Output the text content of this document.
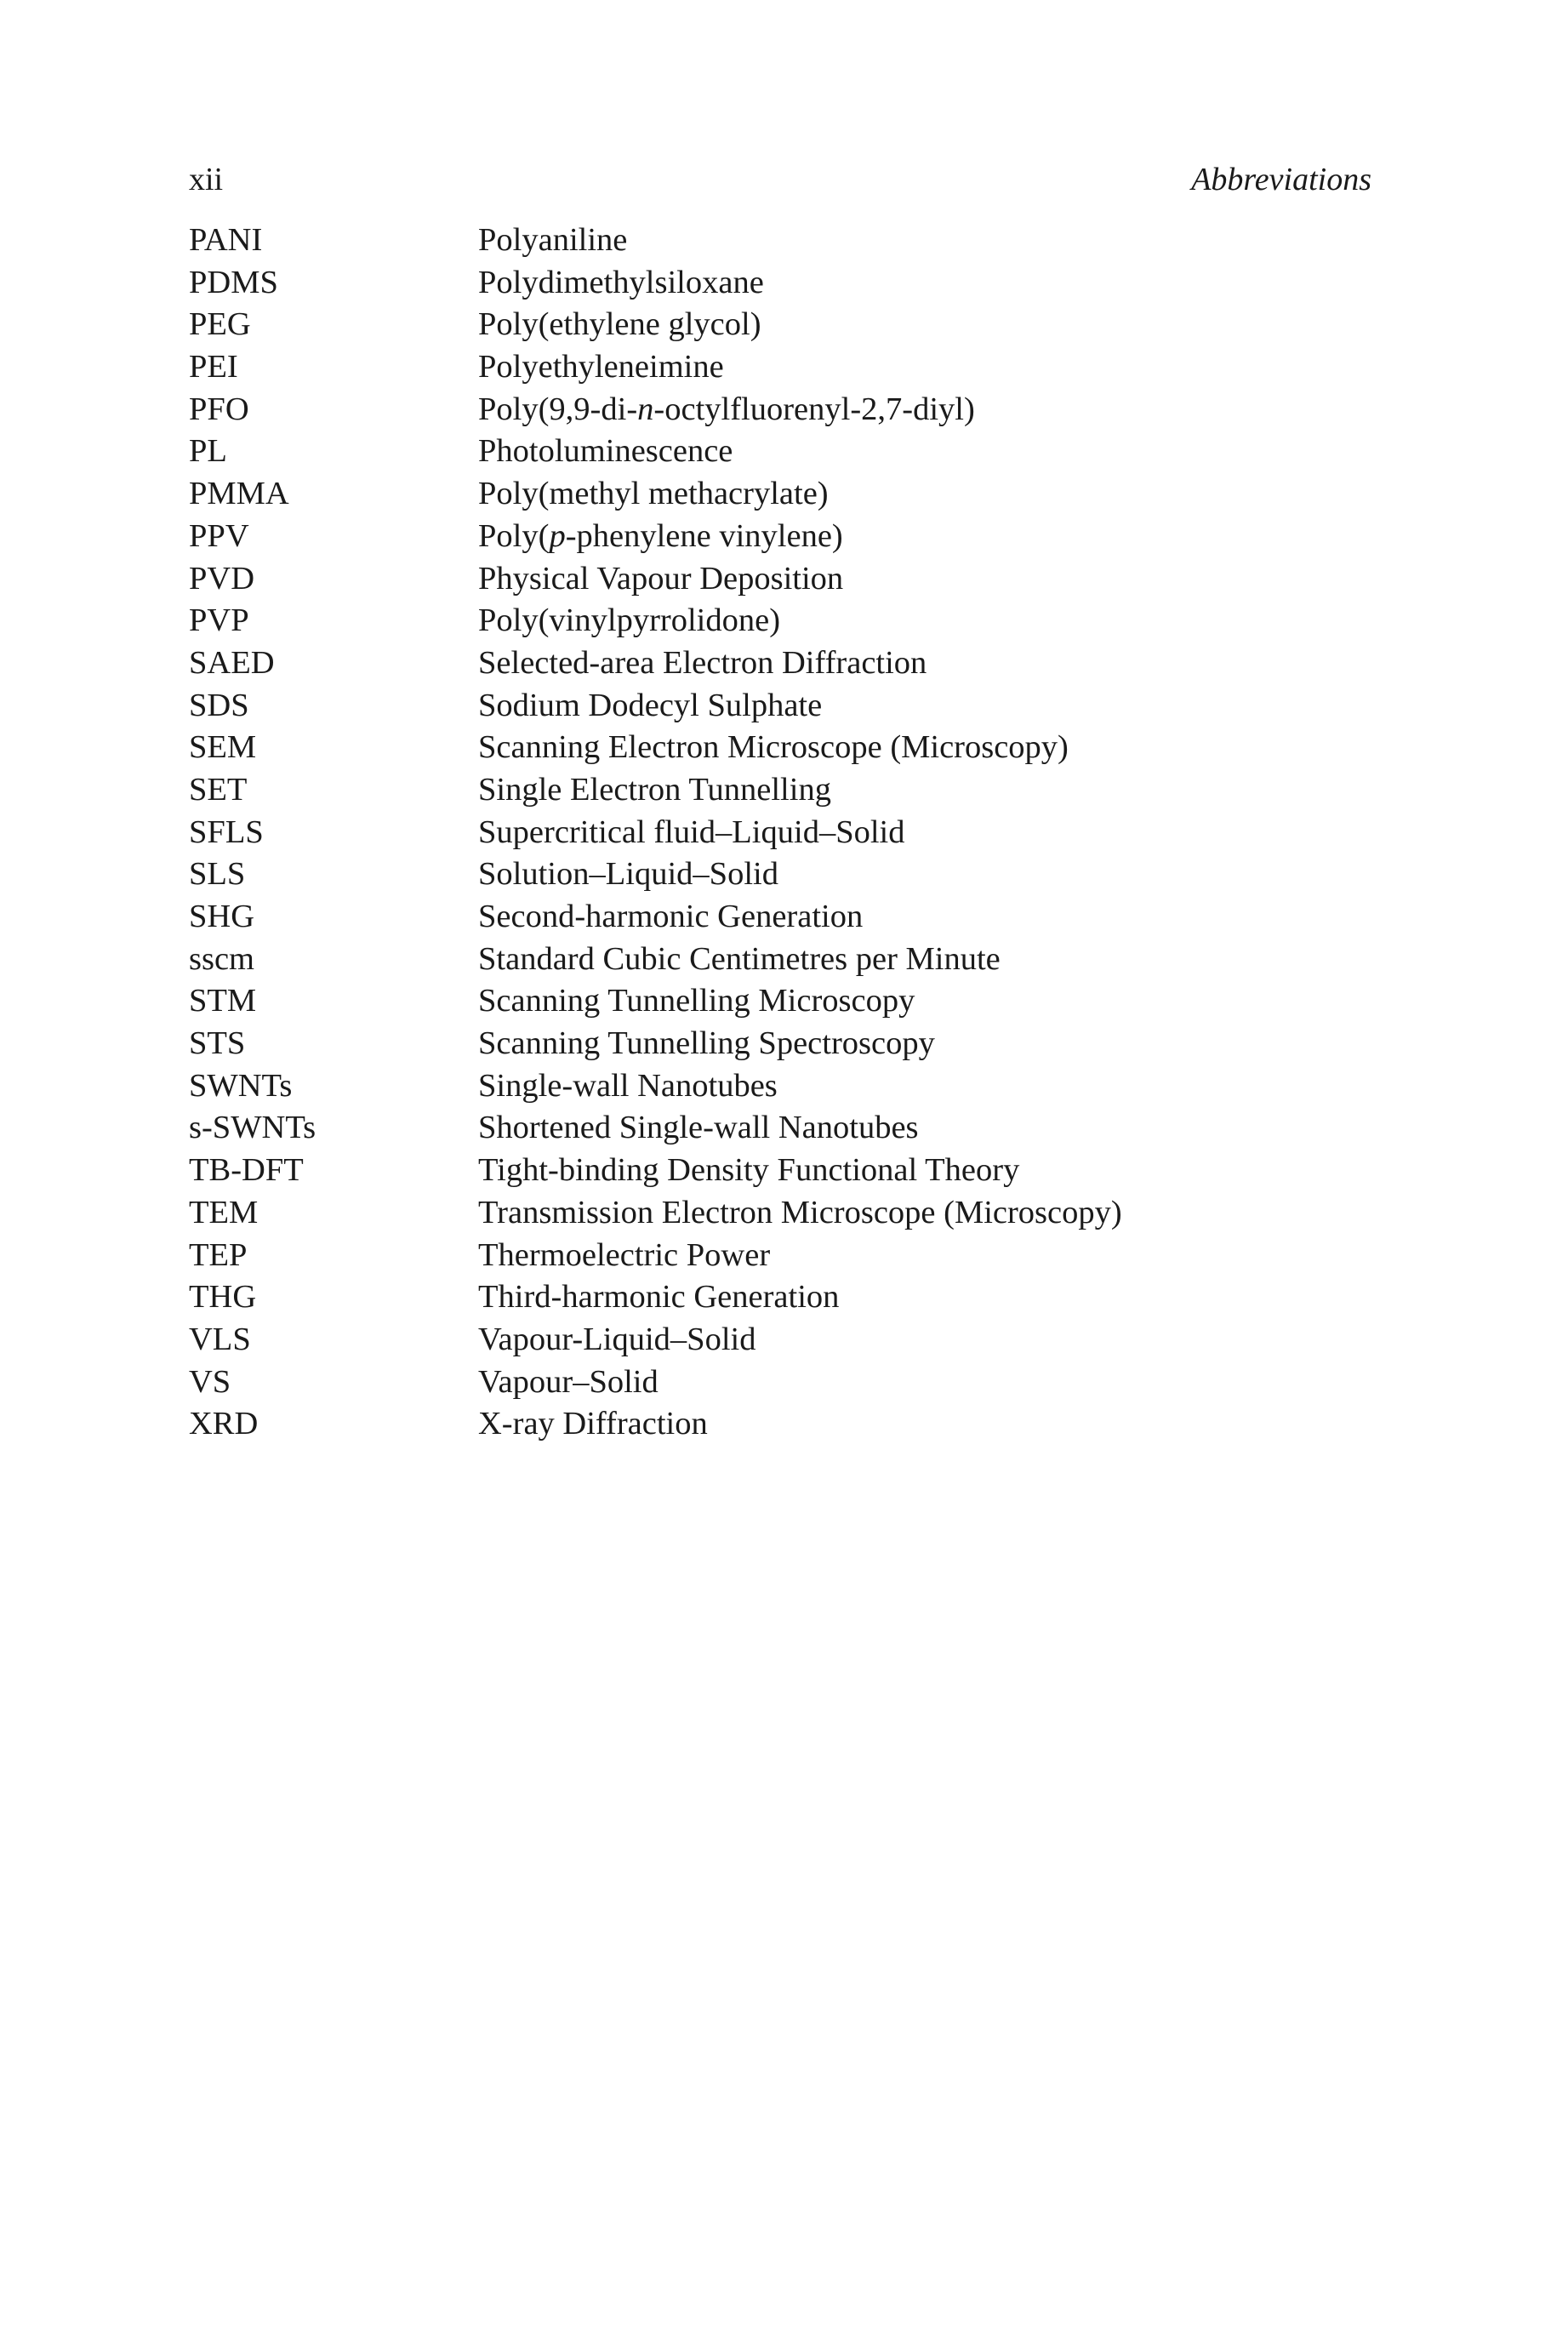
xii	Abbreviations
PANI	Polyaniline
PDMS	Polydimethylsiloxane
PEG	Poly(ethylene glycol)
PEI	Polyethyleneimine
PFO	Poly(9,9-di-n-octylfluorenyl-2,7-diyl)
PL	Photoluminescence
PMMA	Poly(methyl methacrylate)
PPV	Poly(p-phenylene vinylene)
PVD	Physical Vapour Deposition
PVP	Poly(vinylpyrrolidone)
SAED	Selected-area Electron Diffraction
SDS	Sodium Dodecyl Sulphate
SEM	Scanning Electron Microscope (Microscopy)
SET	Single Electron Tunnelling
SFLS	Supercritical fluid–Liquid–Solid
SLS	Solution–Liquid–Solid
SHG	Second-harmonic Generation
sscm	Standard Cubic Centimetres per Minute
STM	Scanning Tunnelling Microscopy
STS	Scanning Tunnelling Spectroscopy
SWNTs	Single-wall Nanotubes
s-SWNTs	Shortened Single-wall Nanotubes
TB-DFT	Tight-binding Density Functional Theory
TEM	Transmission Electron Microscope (Microscopy)
TEP	Thermoelectric Power
THG	Third-harmonic Generation
VLS	Vapour-Liquid–Solid
VS	Vapour–Solid
XRD	X-ray Diffraction
